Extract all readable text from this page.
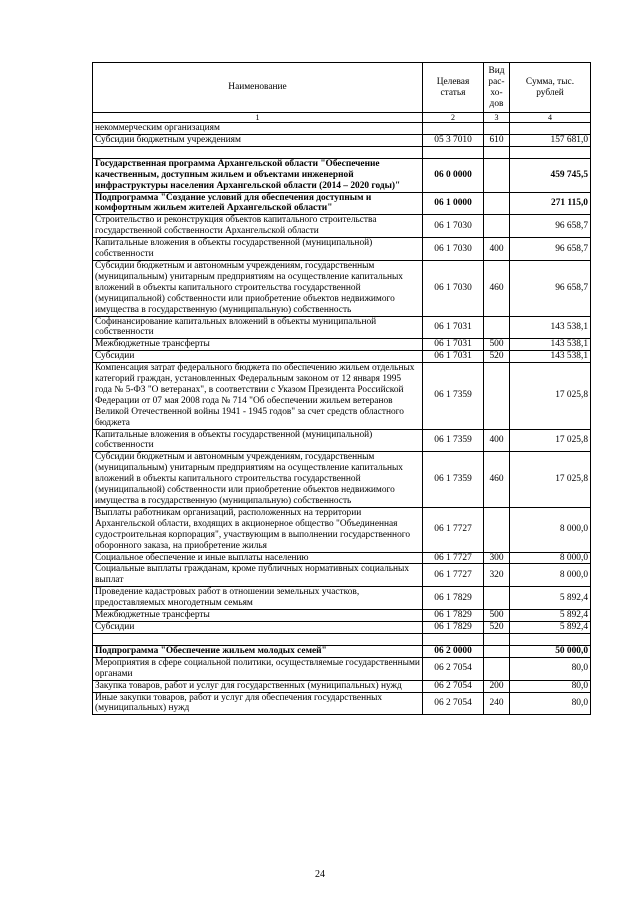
Наименование	Целевая статья	Вид рас-хо-дов	Сумма, тыс. рублей
1	2	3	4
некоммерческим организациям			
Субсидии бюджетным учреждениям	05 3 7010	610	157 681,0

Государственная программа Архангельской области "Обеспечение качественным, доступным жильем и объектами инженерной инфраструктуры населения Архангельской области (2014 – 2020 годы)"	06 0 0000		459 745,5
Подпрограмма "Создание условий для обеспечения доступным и комфортным жильем жителей Архангельской области"	06 1 0000		271 115,0
Строительство и реконструкция объектов капитального строительства государственной собственности Архангельской области	06 1 7030		96 658,7
Капитальные вложения в объекты государственной (муниципальной) собственности	06 1 7030	400	96 658,7
Субсидии бюджетным и автономным учреждениям, государственным (муниципальным) унитарным предприятиям на осуществление капитальных вложений в объекты капитального строительства государственной (муниципальной) собственности или приобретение объектов недвижимого имущества в государственную (муниципальную) собственность	06 1 7030	460	96 658,7
Софинансирование капитальных вложений в объекты муниципальной собственности	06 1 7031		143 538,1
Межбюджетные трансферты	06 1 7031	500	143 538,1
Субсидии	06 1 7031	520	143 538,1
Компенсация затрат федерального бюджета по обеспечению жильем отдельных категорий граждан, установленных Федеральным законом от 12 января 1995 года № 5-ФЗ "О ветеранах", в соответствии с Указом Президента Российской Федерации от 07 мая 2008 года № 714 "Об обеспечении жильем ветеранов Великой Отечественной войны 1941 - 1945 годов" за счет средств областного бюджета	06 1 7359		17 025,8
Капитальные вложения в объекты государственной (муниципальной) собственности	06 1 7359	400	17 025,8
Субсидии бюджетным и автономным учреждениям, государственным (муниципальным) унитарным предприятиям на осуществление капитальных вложений в объекты капитального строительства государственной (муниципальной) собственности или приобретение объектов недвижимого имущества в государственную (муниципальную) собственность	06 1 7359	460	17 025,8
Выплаты работникам организаций, расположенных на территории Архангельской области, входящих в акционерное общество "Объединенная судостроительная корпорация", участвующим в выполнении государственного оборонного заказа, на приобретение жилья	06 1 7727		8 000,0
Социальное обеспечение и иные выплаты населению	06 1 7727	300	8 000,0
Социальные выплаты гражданам, кроме публичных нормативных социальных выплат	06 1 7727	320	8 000,0
Проведение кадастровых работ в отношении земельных участков, предоставляемых многодетным семьям	06 1 7829		5 892,4
Межбюджетные трансферты	06 1 7829	500	5 892,4
Субсидии	06 1 7829	520	5 892,4

Подпрограмма "Обеспечение жильем молодых семей"	06 2 0000		50 000,0
Мероприятия в сфере социальной политики, осуществляемые государственными органами	06 2 7054		80,0
Закупка товаров, работ и услуг для государственных (муниципальных) нужд	06 2 7054	200	80,0
Иные закупки товаров, работ и услуг для обеспечения государственных (муниципальных) нужд	06 2 7054	240	80,0
24
